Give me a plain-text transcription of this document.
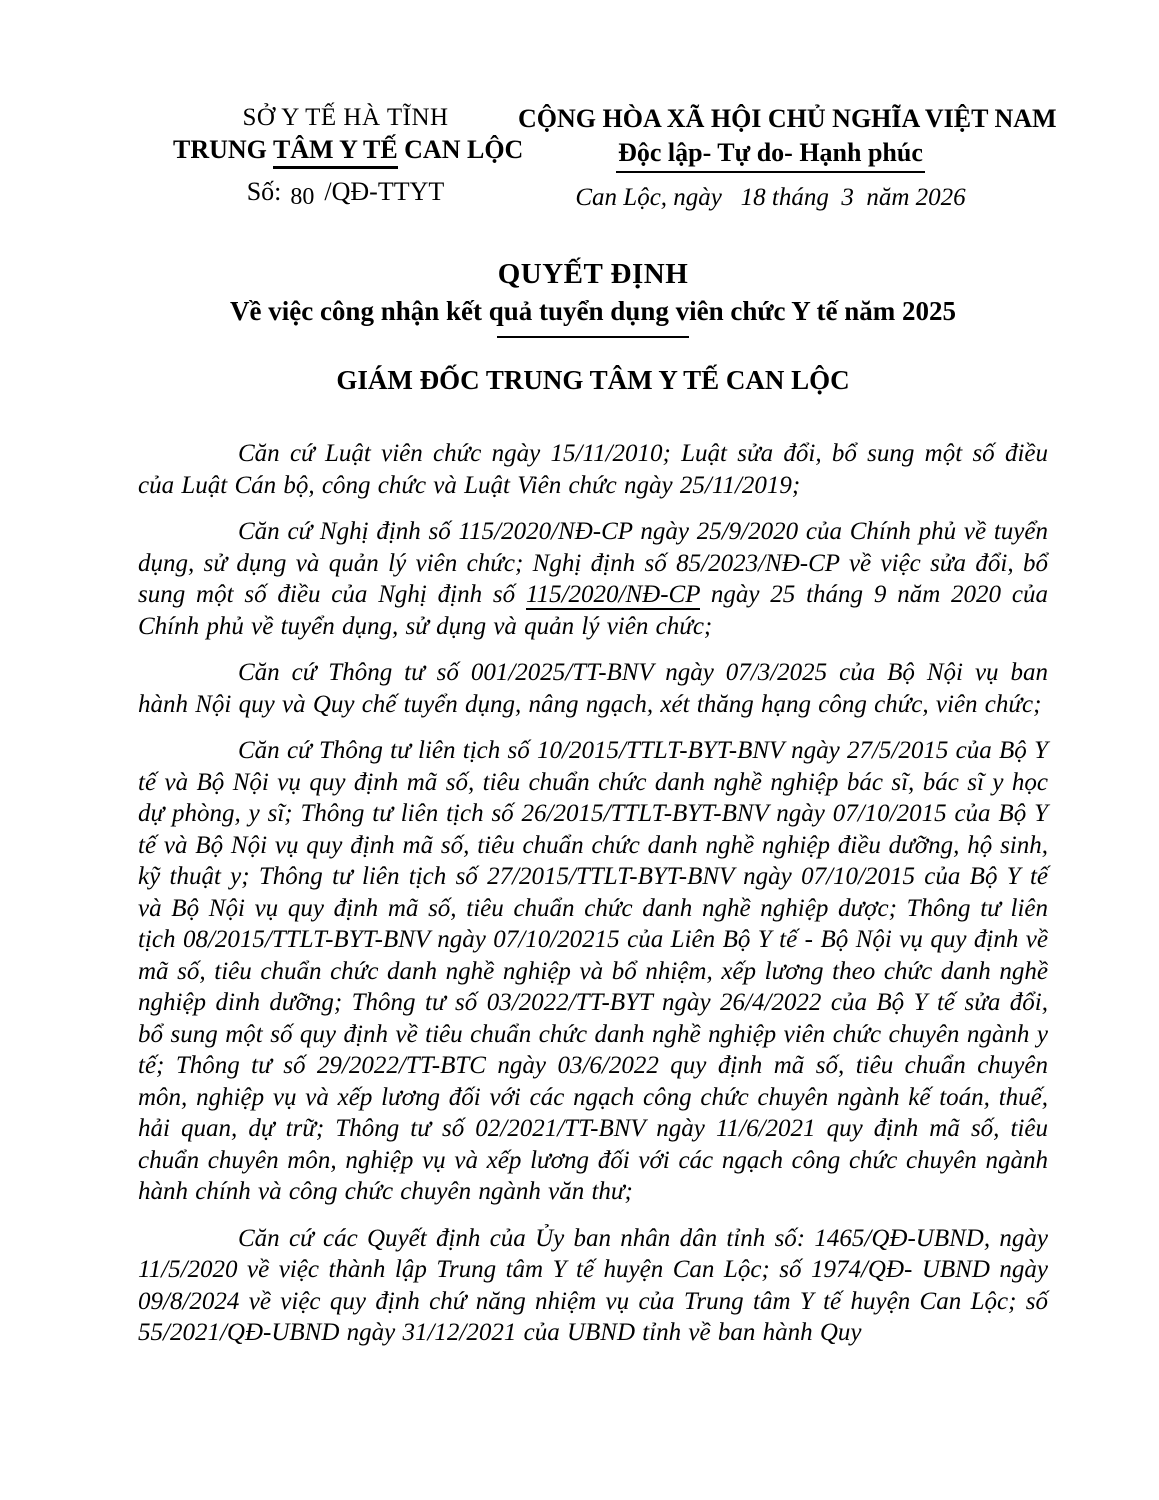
SỞ Y TẾ HÀ TĨNH
TRUNG TÂM Y TẾ CAN LỘC
Số: 80 /QĐ-TTYT
CỘNG HÒA XÃ HỘI CHỦ NGHĨA VIỆT NAM
Độc lập- Tự do- Hạnh phúc
Can Lộc, ngày   18 tháng  3  năm 2026
QUYẾT ĐỊNH
Về việc công nhận kết quả tuyển dụng viên chức Y tế năm 2025
GIÁM ĐỐC TRUNG TÂM Y TẾ CAN LỘC

Căn cứ Luật viên chức ngày 15/11/2010; Luật sửa đổi, bổ sung một số điều của Luật Cán bộ, công chức và Luật Viên chức ngày 25/11/2019;

Căn cứ Nghị định số 115/2020/NĐ-CP ngày 25/9/2020 của Chính phủ về tuyển dụng, sử dụng và quản lý viên chức; Nghị định số 85/2023/NĐ-CP về việc sửa đổi, bổ sung một số điều của Nghị định số 115/2020/NĐ-CP ngày 25 tháng 9 năm 2020 của Chính phủ về tuyển dụng, sử dụng và quản lý viên chức;

Căn cứ Thông tư số 001/2025/TT-BNV ngày 07/3/2025 của Bộ Nội vụ ban hành Nội quy và Quy chế tuyển dụng, nâng ngạch, xét thăng hạng công chức, viên chức;

Căn cứ Thông tư liên tịch số 10/2015/TTLT-BYT-BNV ngày 27/5/2015 của Bộ Y tế và Bộ Nội vụ quy định mã số, tiêu chuẩn chức danh nghề nghiệp bác sĩ, bác sĩ y học dự phòng, y sĩ; Thông tư liên tịch số 26/2015/TTLT-BYT-BNV ngày 07/10/2015 của Bộ Y tế và Bộ Nội vụ quy định mã số, tiêu chuẩn chức danh nghề nghiệp điều dưỡng, hộ sinh, kỹ thuật y; Thông tư liên tịch số 27/2015/TTLT-BYT-BNV ngày 07/10/2015 của Bộ Y tế và Bộ Nội vụ quy định mã số, tiêu chuẩn chức danh nghề nghiệp dược; Thông tư liên tịch 08/2015/TTLT-BYT-BNV ngày 07/10/20215 của Liên Bộ Y tế - Bộ Nội vụ quy định về mã số, tiêu chuẩn chức danh nghề nghiệp và bổ nhiệm, xếp lương theo chức danh nghề nghiệp dinh dưỡng; Thông tư số 03/2022/TT-BYT ngày 26/4/2022 của Bộ Y tế sửa đổi, bổ sung một số quy định về tiêu chuẩn chức danh nghề nghiệp viên chức chuyên ngành y tế; Thông tư số 29/2022/TT-BTC ngày 03/6/2022 quy định mã số, tiêu chuẩn chuyên môn, nghiệp vụ và xếp lương đối với các ngạch công chức chuyên ngành kế toán, thuế, hải quan, dự trữ; Thông tư số 02/2021/TT-BNV ngày 11/6/2021 quy định mã số, tiêu chuẩn chuyên môn, nghiệp vụ và xếp lương đối với các ngạch công chức chuyên ngành hành chính và công chức chuyên ngành văn thư;

Căn cứ các Quyết định của Ủy ban nhân dân tỉnh số: 1465/QĐ-UBND, ngày 11/5/2020 về việc thành lập Trung tâm Y tế huyện Can Lộc; số 1974/QĐ- UBND ngày 09/8/2024 về việc quy định chứ năng nhiệm vụ của Trung tâm Y tế huyện Can Lộc; số 55/2021/QĐ-UBND ngày 31/12/2021 của UBND tỉnh về ban hành Quy
